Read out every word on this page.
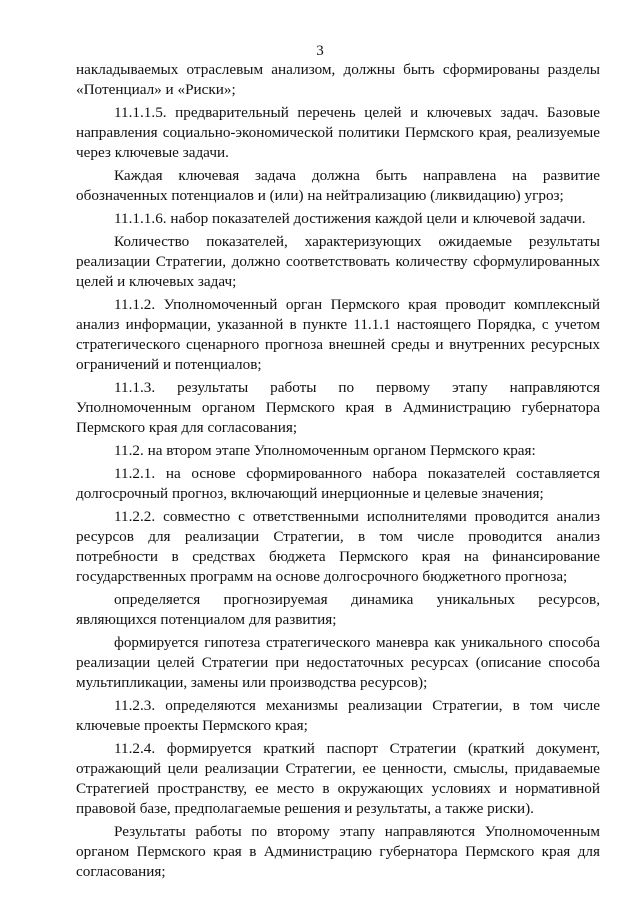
3

накладываемых отраслевым анализом, должны быть сформированы разделы «Потенциал» и «Риски»;

11.1.1.5. предварительный перечень целей и ключевых задач. Базовые направления социально-экономической политики Пермского края, реализуемые через ключевые задачи.

Каждая ключевая задача должна быть направлена на развитие обозначенных потенциалов и (или) на нейтрализацию (ликвидацию) угроз;

11.1.1.6. набор показателей достижения каждой цели и ключевой задачи.

Количество показателей, характеризующих ожидаемые результаты реализации Стратегии, должно соответствовать количеству сформулированных целей и ключевых задач;

11.1.2. Уполномоченный орган Пермского края проводит комплексный анализ информации, указанной в пункте 11.1.1 настоящего Порядка, с учетом стратегического сценарного прогноза внешней среды и внутренних ресурсных ограничений и потенциалов;

11.1.3. результаты работы по первому этапу направляются Уполномоченным органом Пермского края в Администрацию губернатора Пермского края для согласования;

11.2. на втором этапе Уполномоченным органом Пермского края:

11.2.1. на основе сформированного набора показателей составляется долгосрочный прогноз, включающий инерционные и целевые значения;

11.2.2. совместно с ответственными исполнителями проводится анализ ресурсов для реализации Стратегии, в том числе проводится анализ потребности в средствах бюджета Пермского края на финансирование государственных программ на основе долгосрочного бюджетного прогноза;

определяется прогнозируемая динамика уникальных ресурсов, являющихся потенциалом для развития;

формируется гипотеза стратегического маневра как уникального способа реализации целей Стратегии при недостаточных ресурсах (описание способа мультипликации, замены или производства ресурсов);

11.2.3. определяются механизмы реализации Стратегии, в том числе ключевые проекты Пермского края;

11.2.4. формируется краткий паспорт Стратегии (краткий документ, отражающий цели реализации Стратегии, ее ценности, смыслы, придаваемые Стратегией пространству, ее место в окружающих условиях и нормативной правовой базе, предполагаемые решения и результаты, а также риски).

Результаты работы по второму этапу направляются Уполномоченным органом Пермского края в Администрацию губернатора Пермского края для согласования;
